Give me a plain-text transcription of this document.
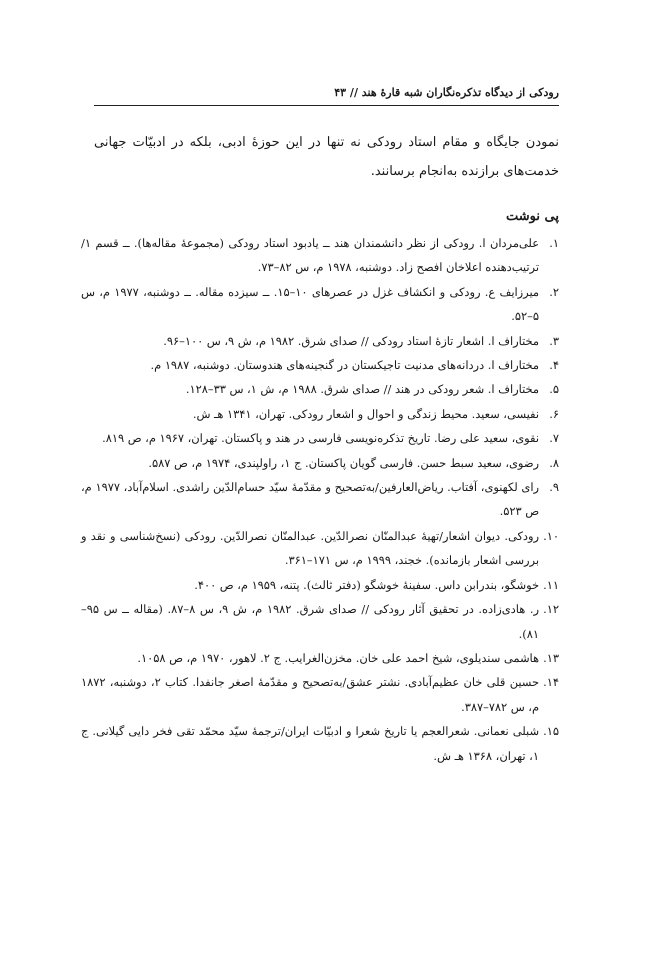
رودکی از دیدگاه تذکره‌نگاران شبه قارهٔ هند // ۴۳
نمودن جایگاه و مقام استاد رودکی نه تنها در این حوزهٔ ادبی، بلکه در ادبیّات جهانی خدمت‌های برازنده به‌انجام برسانند.
پی نوشت
۱.
علی‌مردان ا. رودکی از نظر دانشمندان هند ــ یادبود استاد رودکی (مجموعهٔ مقاله‌ها). ــ قسم ۱/ترتیب‌دهنده اعلاخان افصح زاد. دوشنبه، ۱۹۷۸ م، س ۸۲–۷۳.
۲.
میرزایف ع. رودکی و انکشاف غزل در عصرهای ۱۰–۱۵. ــ سیزده مقاله. ــ دوشنبه، ۱۹۷۷ م، س ۵–۵۲.
۳.
مختاراف ا. اشعار تازهٔ استاد رودکی // صدای شرق. ۱۹۸۲ م، ش ۹، س ۱۰۰–۹۶.
۴.
مختاراف ا. دردانه‌های مدنیت تاجیکستان در گنجینه‌های هندوستان. دوشنبه، ۱۹۸۷ م.
۵.
مختاراف ا. شعر رودکی در هند // صدای شرق. ۱۹۸۸ م، ش ۱، س ۳۳–۱۲۸.
۶.
نفیسی، سعید. محیط زندگی و احوال و اشعار رودکی. تهران، ۱۳۴۱ هـ ش.
۷.
نقوی، سعید علی رضا. تاریخ تذکره‌نویسی فارسی در هند و پاکستان. تهران، ۱۹۶۷ م، ص ۸۱۹.
۸.
رضوی، سعید سبط حسن. فارسی گویان پاکستان. ج ۱، راولپندی، ۱۹۷۴ م، ص ۵۸۷.
۹.
رای لکهنوی، آفتاب. ریاض‌العارفین/به‌تصحیح و مقدّمهٔ سیّد حسام‌الدّین راشدی. اسلام‌آباد، ۱۹۷۷ م، ص ۵۲۳.
۱۰.
رودکی. دیوان اشعار/تهیهٔ عبدالمنّان نصرالدّین. عبدالمنّان نصرالدّین. رودکی (نسخ‌شناسی و نقد و بررسی اشعار بازمانده). خجند، ۱۹۹۹ م، س ۱۷۱–۳۶۱.
۱۱.
خوشگو، بندرابن داس. سفینهٔ خوشگو (دفتر ثالث). پتنه، ۱۹۵۹ م، ص ۴۰۰.
۱۲.
ر. هادی‌زاده. در تحقیق آثار رودکی // صدای شرق. ۱۹۸۲ م، ش ۹، س ۸–۸۷. (مقاله ــ س ۹۵–۸۱).
۱۳.
هاشمی سندیلوی، شیخ احمد علی خان. مخزن‌الغرایب. ج ۲. لاهور، ۱۹۷۰ م، ص ۱۰۵۸.
۱۴.
حسین قلی خان عظیم‌آبادی. نشتر عشق/به‌تصحیح و مقدّمهٔ اصغر جانفدا. کتاب ۲، دوشنبه، ۱۸۷۲ م، س ۷۸۲–۳۸۷.
۱۵.
شبلی نعمانی. شعرالعجم یا تاریخ شعرا و ادبیّات ایران/ترجمهٔ سیّد محمّد تقی فخر دایی گیلانی. ج ۱، تهران، ۱۳۶۸ هـ ش.
